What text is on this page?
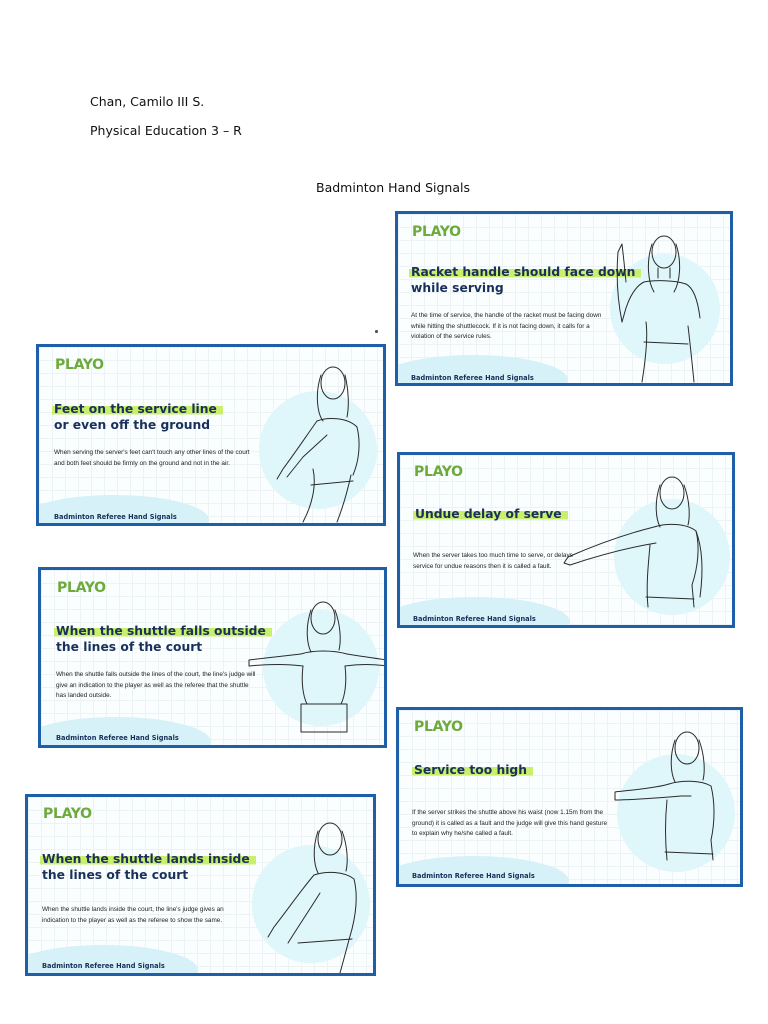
Chan, Camilo III S.
Physical Education 3 – R
Badminton Hand Signals
PLAYO
Racket handle should face down
while serving
At the time of service, the handle of the racket must be facing down while hitting the shuttlecock. If it is not facing down, it calls for a violation of the service rules.
Badminton Referee Hand Signals
PLAYO
Feet on the service line
or even off the ground
When serving the server's feet can't touch any other lines of the court and both feet should be firmly on the ground and not in the air.
Badminton Referee Hand Signals
PLAYO
Undue delay of serve
When the server takes too much time to serve, or delays service for undue reasons then it is called a fault.
Badminton Referee Hand Signals
PLAYO
When the shuttle falls outside
the lines of the court
When the shuttle falls outside the lines of the court, the line's judge will give an indication to the player as well as the referee that the shuttle has landed outside.
Badminton Referee Hand Signals
PLAYO
Service too high
If the server strikes the shuttle above his waist (now 1.15m from the ground) it is called as a fault and the judge will give this hand gesture to explain why he/she called a fault.
Badminton Referee Hand Signals
PLAYO
When the shuttle lands inside
the lines of the court
When the shuttle lands inside the court, the line's judge gives an indication to the player as well as the referee to show the same.
Badminton Referee Hand Signals
